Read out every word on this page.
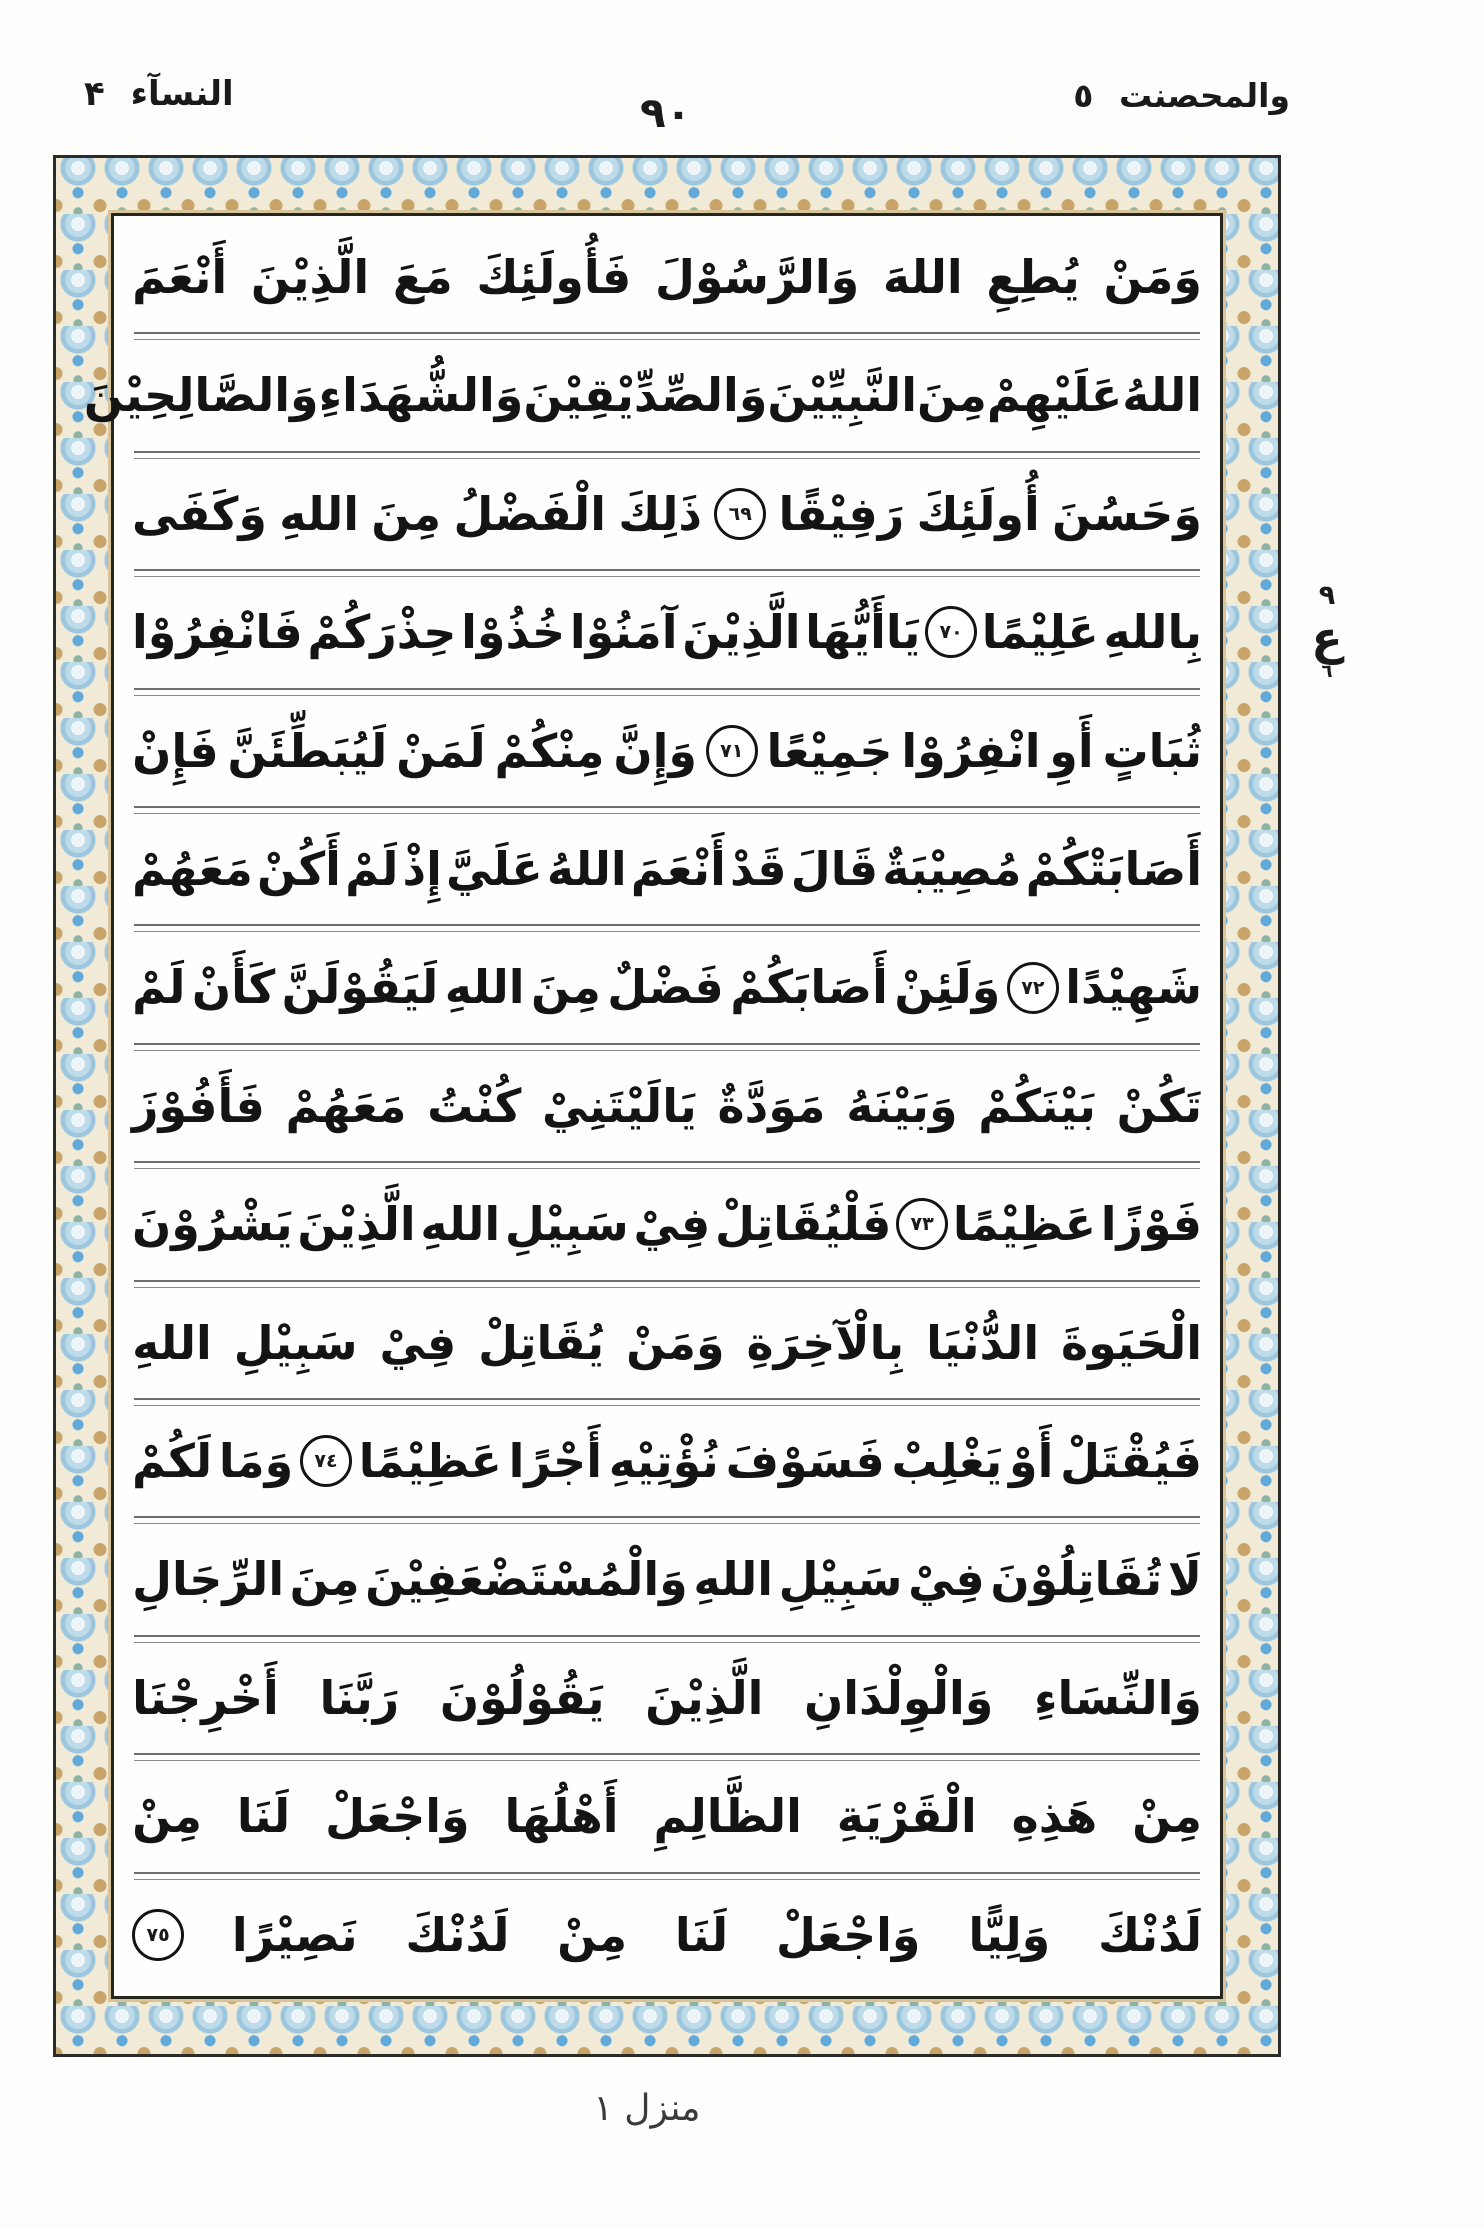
النسآء ۴	٩٠	والمحصنت ٥
وَمَنْ
يُطِعِ
اللهَ
وَالرَّسُوْلَ
فَأُولَئِكَ
مَعَ
الَّذِيْنَ
أَنْعَمَ
اللهُ
عَلَيْهِمْ
مِنَ
النَّبِيِّيْنَ
وَالصِّدِّيْقِيْنَ
وَالشُّهَدَاءِ
وَالصَّالِحِيْنَ
وَحَسُنَ
أُولَئِكَ
رَفِيْقًا
٦٩
ذَلِكَ
الْفَضْلُ
مِنَ
اللهِ
وَكَفَى
بِاللهِ
عَلِيْمًا
٧٠
يَاأَيُّهَا
الَّذِيْنَ
آمَنُوْا
خُذُوْا
حِذْرَكُمْ
فَانْفِرُوْا
ثُبَاتٍ
أَوِ
انْفِرُوْا
جَمِيْعًا
٧١
وَإِنَّ
مِنْكُمْ
لَمَنْ
لَيُبَطِّئَنَّ
فَإِنْ
أَصَابَتْكُمْ
مُصِيْبَةٌ
قَالَ
قَدْ
أَنْعَمَ
اللهُ
عَلَيَّ
إِذْ
لَمْ
أَكُنْ
مَعَهُمْ
شَهِيْدًا
٧٢
وَلَئِنْ
أَصَابَكُمْ
فَضْلٌ
مِنَ
اللهِ
لَيَقُوْلَنَّ
كَأَنْ
لَمْ
تَكُنْ
بَيْنَكُمْ
وَبَيْنَهُ
مَوَدَّةٌ
يَالَيْتَنِيْ
كُنْتُ
مَعَهُمْ
فَأَفُوْزَ
فَوْزًا
عَظِيْمًا
٧٣
فَلْيُقَاتِلْ
فِيْ
سَبِيْلِ
اللهِ
الَّذِيْنَ
يَشْرُوْنَ
الْحَيَوةَ
الدُّنْيَا
بِالْآخِرَةِ
وَمَنْ
يُقَاتِلْ
فِيْ
سَبِيْلِ
اللهِ
فَيُقْتَلْ
أَوْ
يَغْلِبْ
فَسَوْفَ
نُؤْتِيْهِ
أَجْرًا
عَظِيْمًا
٧٤
وَمَا
لَكُمْ
لَا
تُقَاتِلُوْنَ
فِيْ
سَبِيْلِ
اللهِ
وَالْمُسْتَضْعَفِيْنَ
مِنَ
الرِّجَالِ
وَالنِّسَاءِ
وَالْوِلْدَانِ
الَّذِيْنَ
يَقُوْلُوْنَ
رَبَّنَا
أَخْرِجْنَا
مِنْ
هَذِهِ
الْقَرْيَةِ
الظَّالِمِ
أَهْلُهَا
وَاجْعَلْ
لَنَا
مِنْ
لَدُنْكَ
وَلِيًّا
وَاجْعَلْ
لَنَا
مِنْ
لَدُنْكَ
نَصِيْرًا
٧٥
٩
ع
٦
منزل ١
